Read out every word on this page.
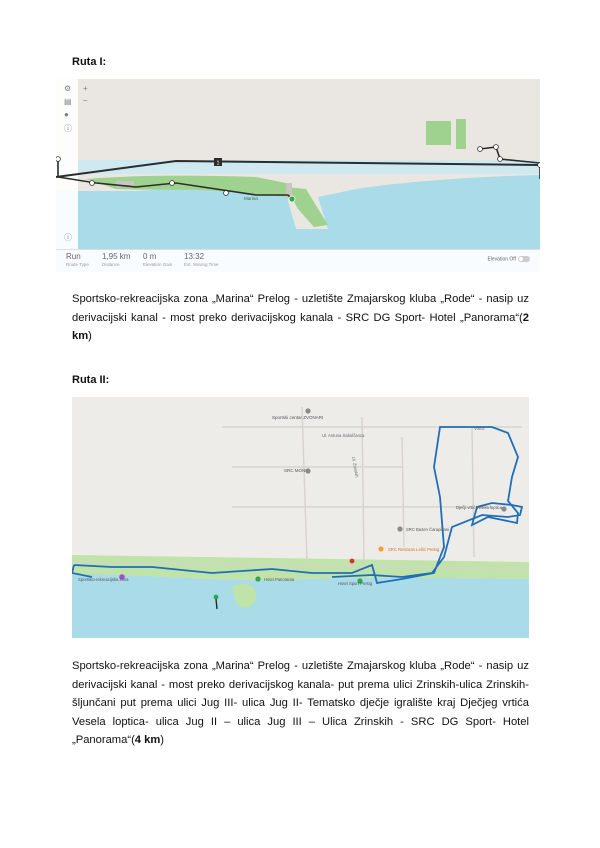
Ruta I:
1
Marina
⚙
▤
●
ⓘ
+
−
ⓘ
Run
Route Type
1,95 km
Distance
0 m
Elevation Gain
13:32
Est. Moving Time
Elevation Off

Sportsko-rekreacijska zona „Marina“ Prelog - uzletište Zmajarskog kluba „Rode“ - nasip uz derivacijski kanal - most preko derivacijskog kanala - SRC DG Sport- Hotel „Panorama“(2 km)

Ruta II:
Ul. Antuna Sabolčanca
Sportski centar ZVONARI
SRC MONI	Ul. Zrinskih
Vrtiće
Dječji vrtić Vesela loptica
SRC Bazen Čarapičani
SRC Restoran Lešić Prelog
Hotel Sport Prelog
Sportsko-rekreacijska zona	Hotel Panorama

Sportsko-rekreacijska zona „Marina“ Prelog - uzletište Zmajarskog kluba „Rode“ - nasip uz derivacijski kanal - most preko derivacijskog kanala- put prema ulici Zrinskih-ulica Zrinskih-šljunčani put prema ulici Jug III- ulica Jug II- Tematsko dječje igralište kraj Dječjeg vrtića Vesela loptica- ulica Jug II – ulica Jug III – Ulica Zrinskih - SRC DG Sport- Hotel „Panorama“(4 km)
